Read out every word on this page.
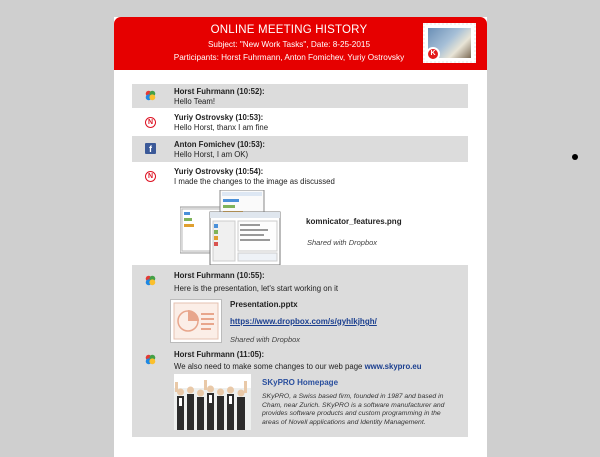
ONLINE MEETING HISTORY
Subject: "New Work Tasks", Date: 8-25-2015
Participants: Horst Fuhrmann, Anton Fomichev, Yuriy Ostrovsky	K
Horst Fuhrmann (10:52):
Hello Team!
N
Yuriy Ostrovsky (10:53):
Hello Horst, thanx I am fine
f	Anton Fomichev (10:53):
Hello Horst, I am OK)
N
Yuriy Ostrovsky (10:54):
I made the changes to the image as discussed
komnicator_features.png
Shared with Dropbox
Horst Fuhrmann (10:55):
Here is the presentation, let's start working on it
Presentation.pptx
https://www.dropbox.com/s/gyhlkjhgh/
Shared with Dropbox
Horst Fuhrmann (11:05):
We also need to make some changes to our web page www.skypro.eu
SKyPRO Homepage
SKyPRO, a Swiss based firm, founded in 1987 and based in Cham, near Zurich. SKyPRO is a software manufacturer and provides software products and custom programming in the areas of Novell applications and Identity Management.
